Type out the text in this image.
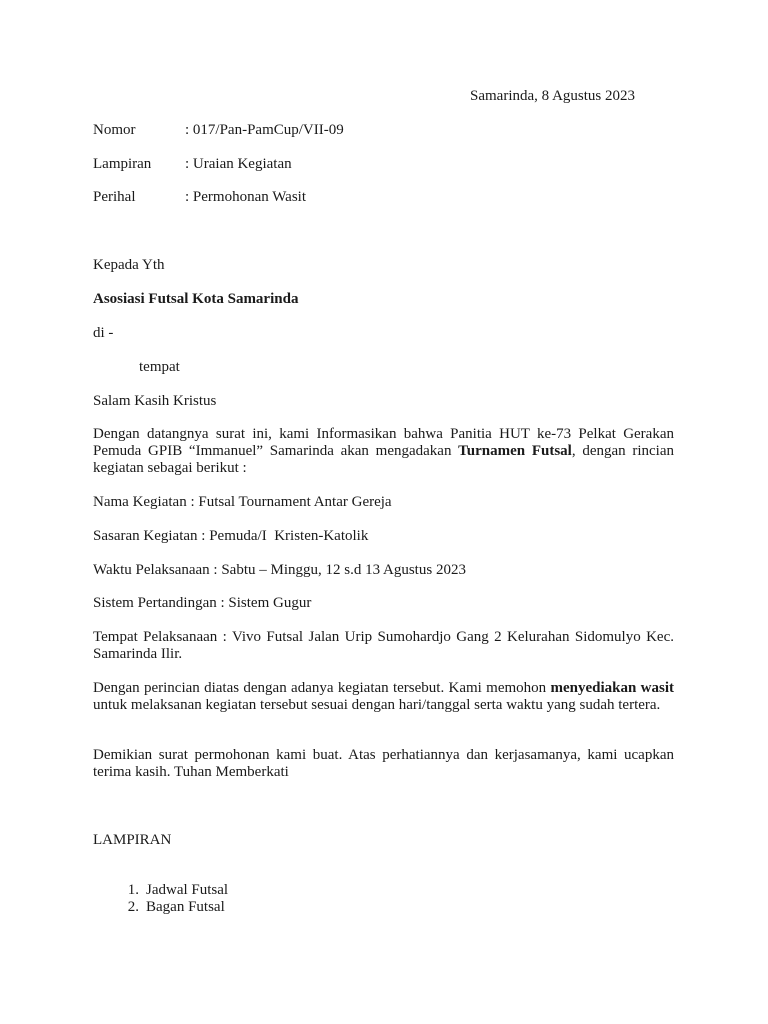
Samarinda, 8 Agustus 2023
Nomor	: 017/Pan-PamCup/VII-09
Lampiran : Uraian Kegiatan
Perihal	: Permohonan Wasit
Kepada Yth
Asosiasi Futsal Kota Samarinda
di -
tempat
Salam Kasih Kristus

Dengan datangnya surat ini, kami Informasikan bahwa Panitia HUT ke-73 Pelkat Gerakan Pemuda GPIB “Immanuel” Samarinda akan mengadakan Turnamen Futsal, dengan rincian kegiatan sebagai berikut :

Nama Kegiatan : Futsal Tournament Antar Gereja
Sasaran Kegiatan : Pemuda/I  Kristen-Katolik
Waktu Pelaksanaan : Sabtu – Minggu, 12 s.d 13 Agustus 2023
Sistem Pertandingan : Sistem Gugur

Tempat Pelaksanaan : Vivo Futsal Jalan Urip Sumohardjo Gang 2 Kelurahan Sidomulyo Kec. Samarinda Ilir.

Dengan perincian diatas dengan adanya kegiatan tersebut. Kami memohon menyediakan wasit untuk melaksanan kegiatan tersebut sesuai dengan hari/tanggal serta waktu yang sudah tertera.

Demikian surat permohonan kami buat. Atas perhatiannya dan kerjasamanya, kami ucapkan terima kasih. Tuhan Memberkati

LAMPIRAN
1. Jadwal Futsal
2. Bagan Futsal
